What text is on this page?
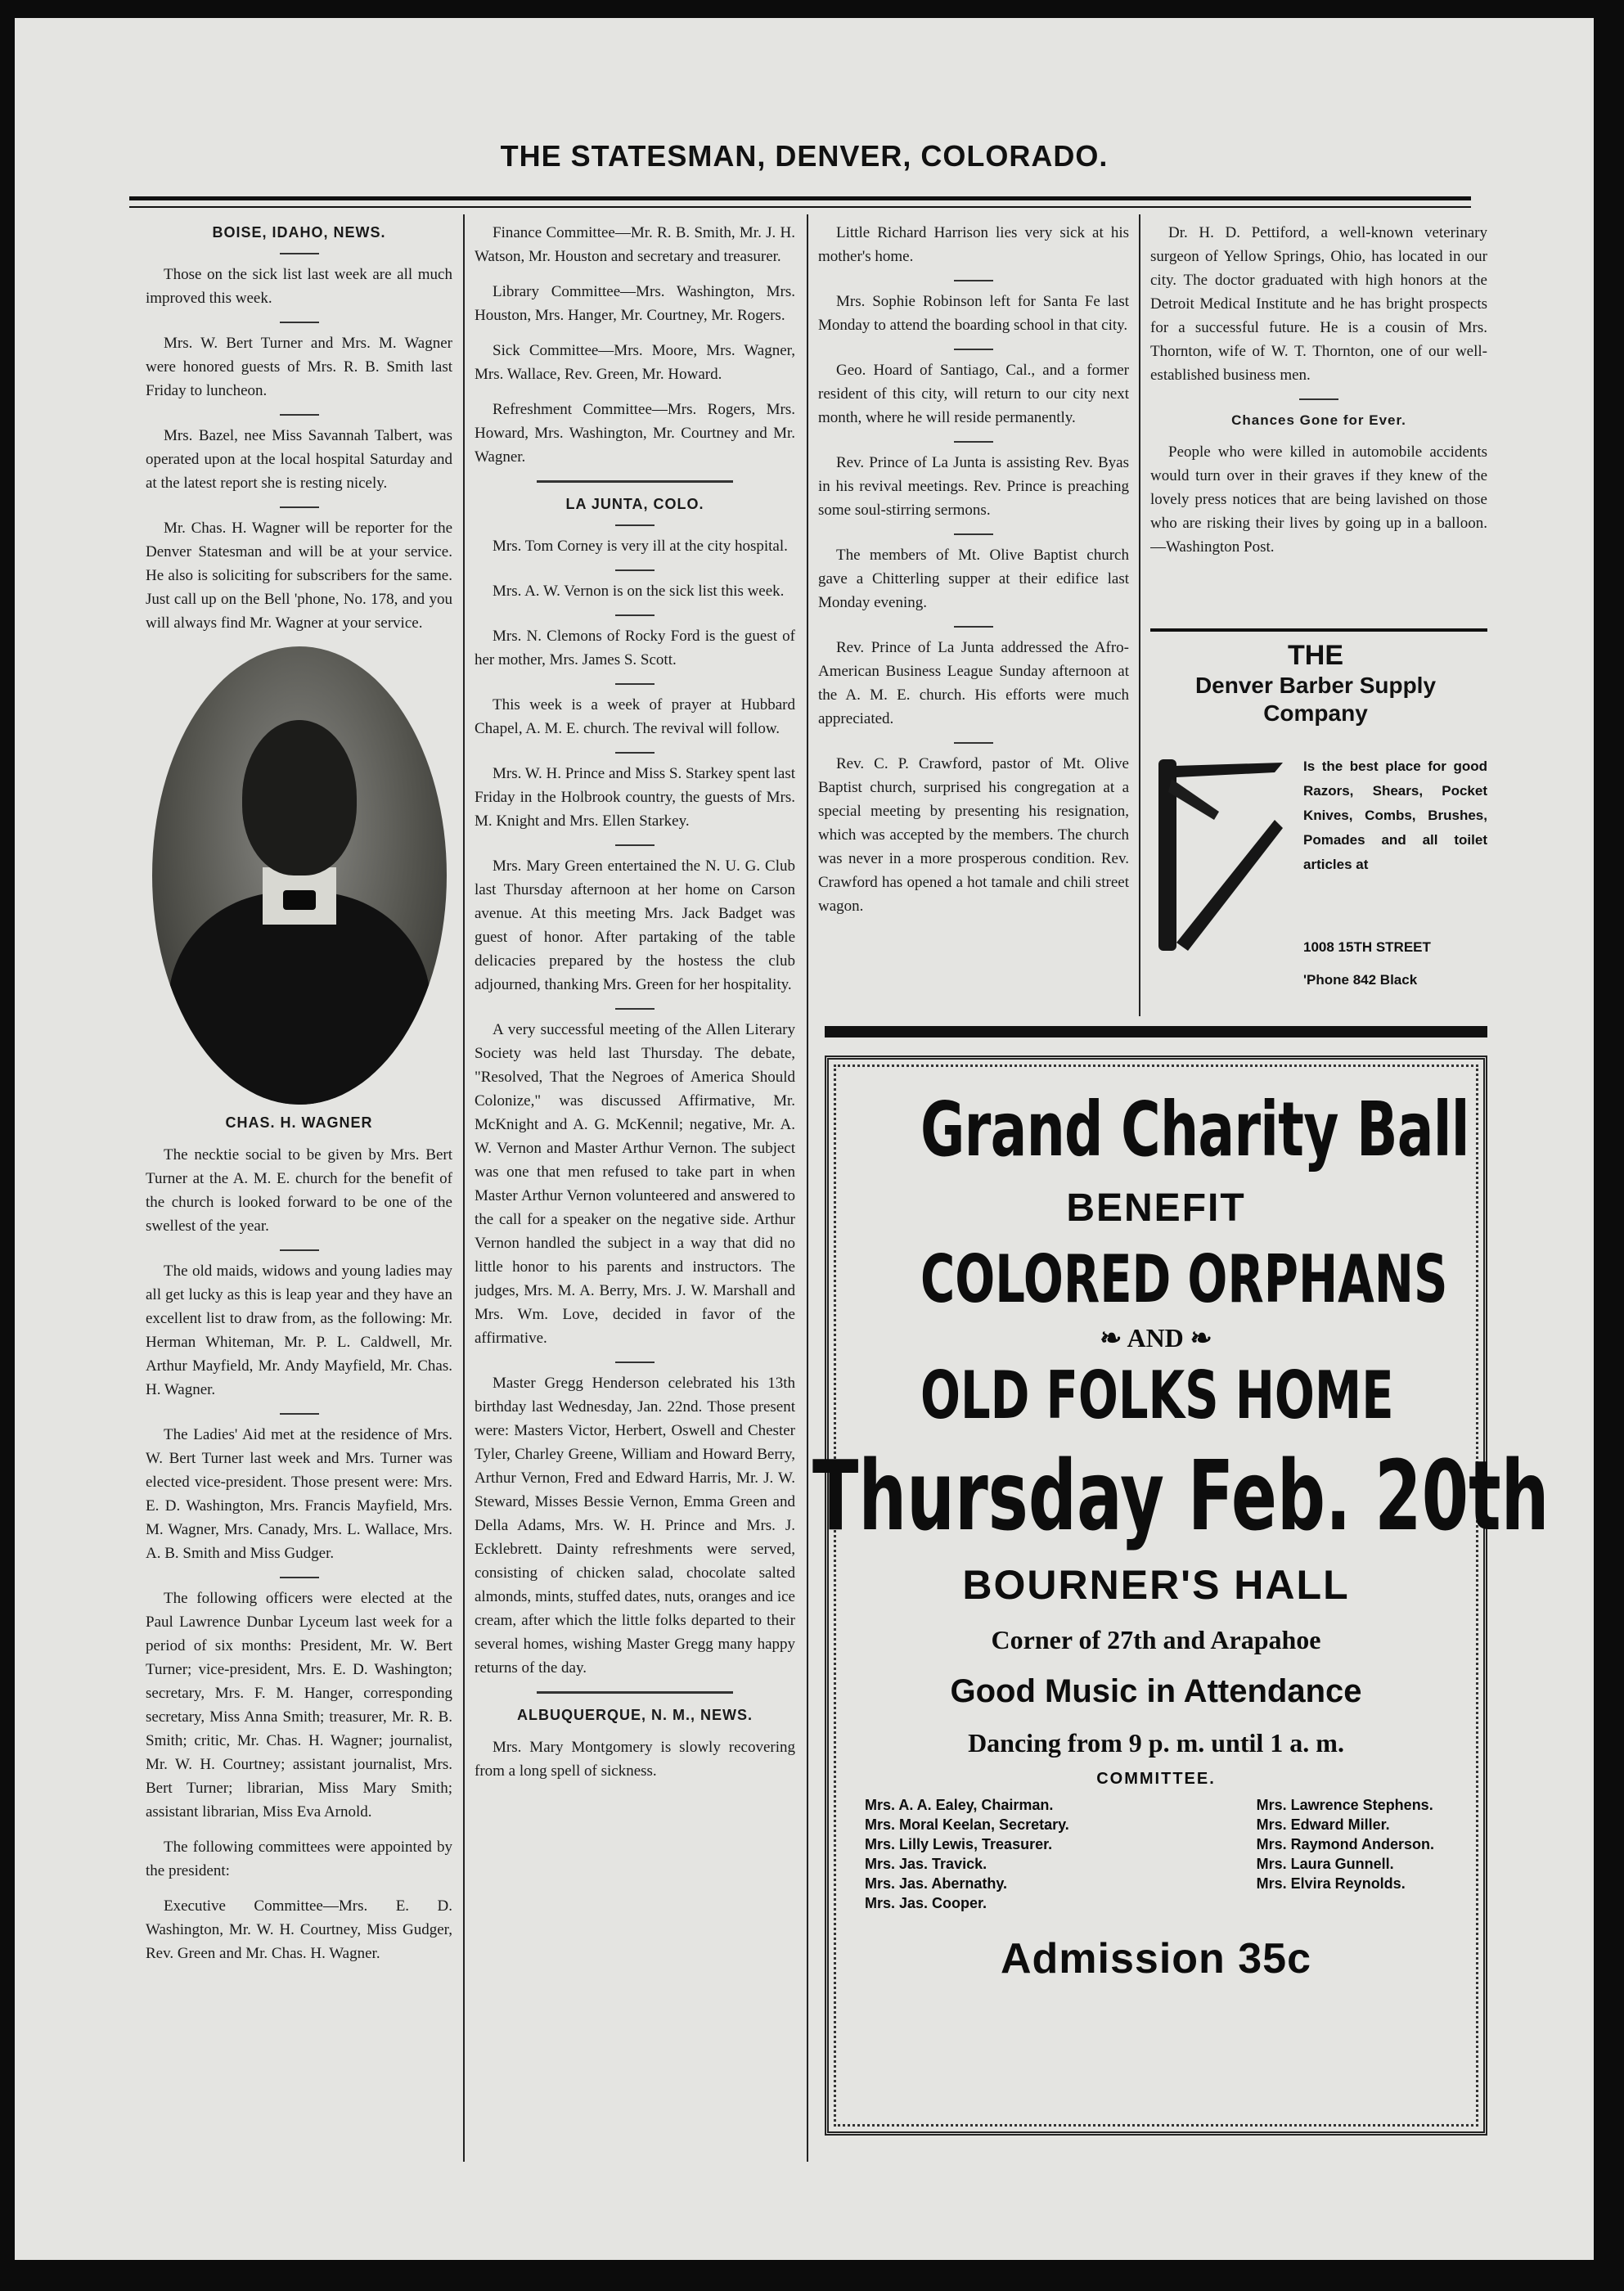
THE STATESMAN, DENVER, COLORADO.
BOISE, IDAHO, NEWS.

Those on the sick list last week are all much improved this week.

Mrs. W. Bert Turner and Mrs. M. Wagner were honored guests of Mrs. R. B. Smith last Friday to luncheon.

Mrs. Bazel, nee Miss Savannah Talbert, was operated upon at the local hospital Saturday and at the latest report she is resting nicely.

Mr. Chas. H. Wagner will be reporter for the Denver Statesman and will be at your service. He also is soliciting for subscribers for the same. Just call up on the Bell 'phone, No. 178, and you will always find Mr. Wagner at your service.

CHAS. H. WAGNER

The necktie social to be given by Mrs. Bert Turner at the A. M. E. church for the benefit of the church is looked forward to be one of the swellest of the year.

The old maids, widows and young ladies may all get lucky as this is leap year and they have an excellent list to draw from, as the following: Mr. Herman Whiteman, Mr. P. L. Caldwell, Mr. Arthur Mayfield, Mr. Andy Mayfield, Mr. Chas. H. Wagner.

The Ladies' Aid met at the residence of Mrs. W. Bert Turner last week and Mrs. Turner was elected vice-president. Those present were: Mrs. E. D. Washington, Mrs. Francis Mayfield, Mrs. M. Wagner, Mrs. Canady, Mrs. L. Wallace, Mrs. A. B. Smith and Miss Gudger.

The following officers were elected at the Paul Lawrence Dunbar Lyceum last week for a period of six months: President, Mr. W. Bert Turner; vice-president, Mrs. E. D. Washington; secretary, Mrs. F. M. Hanger, corresponding secretary, Miss Anna Smith; treasurer, Mr. R. B. Smith; critic, Mr. Chas. H. Wagner; journalist, Mr. W. H. Courtney; assistant journalist, Mrs. Bert Turner; librarian, Miss Mary Smith; assistant librarian, Miss Eva Arnold.

The following committees were appointed by the president:

Executive Committee—Mrs. E. D. Washington, Mr. W. H. Courtney, Miss Gudger, Rev. Green and Mr. Chas. H. Wagner.

Finance Committee—Mr. R. B. Smith, Mr. J. H. Watson, Mr. Houston and secretary and treasurer.

Library Committee—Mrs. Washington, Mrs. Houston, Mrs. Hanger, Mr. Courtney, Mr. Rogers.

Sick Committee—Mrs. Moore, Mrs. Wagner, Mrs. Wallace, Rev. Green, Mr. Howard.

Refreshment Committee—Mrs. Rogers, Mrs. Howard, Mrs. Washington, Mr. Courtney and Mr. Wagner.

LA JUNTA, COLO.

Mrs. Tom Corney is very ill at the city hospital.

Mrs. A. W. Vernon is on the sick list this week.

Mrs. N. Clemons of Rocky Ford is the guest of her mother, Mrs. James S. Scott.

This week is a week of prayer at Hubbard Chapel, A. M. E. church. The revival will follow.

Mrs. W. H. Prince and Miss S. Starkey spent last Friday in the Holbrook country, the guests of Mrs. M. Knight and Mrs. Ellen Starkey.

Mrs. Mary Green entertained the N. U. G. Club last Thursday afternoon at her home on Carson avenue. At this meeting Mrs. Jack Badget was guest of honor. After partaking of the table delicacies prepared by the hostess the club adjourned, thanking Mrs. Green for her hospitality.

A very successful meeting of the Allen Literary Society was held last Thursday. The debate, "Resolved, That the Negroes of America Should Colonize," was discussed Affirmative, Mr. McKnight and A. G. McKennil; negative, Mr. A. W. Vernon and Master Arthur Vernon. The subject was one that men refused to take part in when Master Arthur Vernon volunteered and answered to the call for a speaker on the negative side. Arthur Vernon handled the subject in a way that did no little honor to his parents and instructors. The judges, Mrs. M. A. Berry, Mrs. J. W. Marshall and Mrs. Wm. Love, decided in favor of the affirmative.

Master Gregg Henderson celebrated his 13th birthday last Wednesday, Jan. 22nd. Those present were: Masters Victor, Herbert, Oswell and Chester Tyler, Charley Greene, William and Howard Berry, Arthur Vernon, Fred and Edward Harris, Mr. J. W. Steward, Misses Bessie Vernon, Emma Green and Della Adams, Mrs. W. H. Prince and Mrs. J. Ecklebrett. Dainty refreshments were served, consisting of chicken salad, chocolate salted almonds, mints, stuffed dates, nuts, oranges and ice cream, after which the little folks departed to their several homes, wishing Master Gregg many happy returns of the day.

ALBUQUERQUE, N. M., NEWS.

Mrs. Mary Montgomery is slowly recovering from a long spell of sickness.

Little Richard Harrison lies very sick at his mother's home.

Mrs. Sophie Robinson left for Santa Fe last Monday to attend the boarding school in that city.

Geo. Hoard of Santiago, Cal., and a former resident of this city, will return to our city next month, where he will reside permanently.

Rev. Prince of La Junta is assisting Rev. Byas in his revival meetings. Rev. Prince is preaching some soul-stirring sermons.

The members of Mt. Olive Baptist church gave a Chitterling supper at their edifice last Monday evening.

Rev. Prince of La Junta addressed the Afro-American Business League Sunday afternoon at the A. M. E. church. His efforts were much appreciated.

Rev. C. P. Crawford, pastor of Mt. Olive Baptist church, surprised his congregation at a special meeting by presenting his resignation, which was accepted by the members. The church was never in a more prosperous condition. Rev. Crawford has opened a hot tamale and chili street wagon.

Dr. H. D. Pettiford, a well-known veterinary surgeon of Yellow Springs, Ohio, has located in our city. The doctor graduated with high honors at the Detroit Medical Institute and he has bright prospects for a successful future. He is a cousin of Mrs. Thornton, wife of W. T. Thornton, one of our well-established business men.

Chances Gone for Ever.

People who were killed in automobile accidents would turn over in their graves if they knew of the lovely press notices that are being lavished on those who are risking their lives by going up in a balloon.—Washington Post.

THE
Denver Barber Supply Company
Is the best place for good Razors, Shears, Pocket Knives, Combs, Brushes, Pomades and all toilet articles at
1008 15TH STREET
'Phone 842 Black
Grand Charity Ball
BENEFIT
COLORED ORPHANS
❧ AND ❧
OLD FOLKS HOME
Thursday Feb. 20th
BOURNER'S HALL
Corner of 27th and Arapahoe
Good Music in Attendance
Dancing from 9 p. m. until 1 a. m.
COMMITTEE.
Mrs. A. A. Ealey, Chairman.
Mrs. Moral Keelan, Secretary.
Mrs. Lilly Lewis, Treasurer.
Mrs. Jas. Travick.
Mrs. Jas. Abernathy.
Mrs. Jas. Cooper.
Mrs. Lawrence Stephens.
Mrs. Edward Miller.
Mrs. Raymond Anderson.
Mrs. Laura Gunnell.
Mrs. Elvira Reynolds.
Admission 35c
